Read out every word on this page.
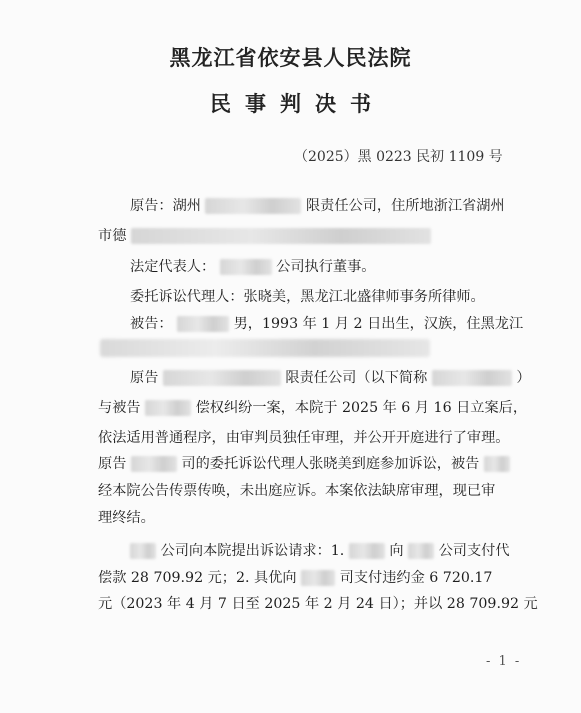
黑龙江省依安县人民法院
民事判决书
（2025）黑 0223 民初 1109 号
原告：湖州	限责任公司，住所地浙江省湖州
市德
法定代表人：	公司执行董事。
委托诉讼代理人：张晓美，黑龙江北盛律师事务所律师。
被告：	男，1993 年 1 月 2 日出生，汉族，住黑龙江
原告	限责任公司（以下简称	）
与被告	偿权纠纷一案，本院于 2025 年 6 月 16 日立案后，
依法适用普通程序，由审判员独任审理，并公开开庭进行了审理。
原告	司的委托诉讼代理人张晓美到庭参加诉讼，被告
经本院公告传票传唤，未出庭应诉。本案依法缺席审理，现已审
理终结。
公司向本院提出诉讼请求：1.	向 公司支付代
偿款 28 709.92 元；2. 具优向	司支付违约金 6 720.17
元（2023 年 4 月 7 日至 2025 年 2 月 24 日）；并以 28 709.92 元
- 1 -
